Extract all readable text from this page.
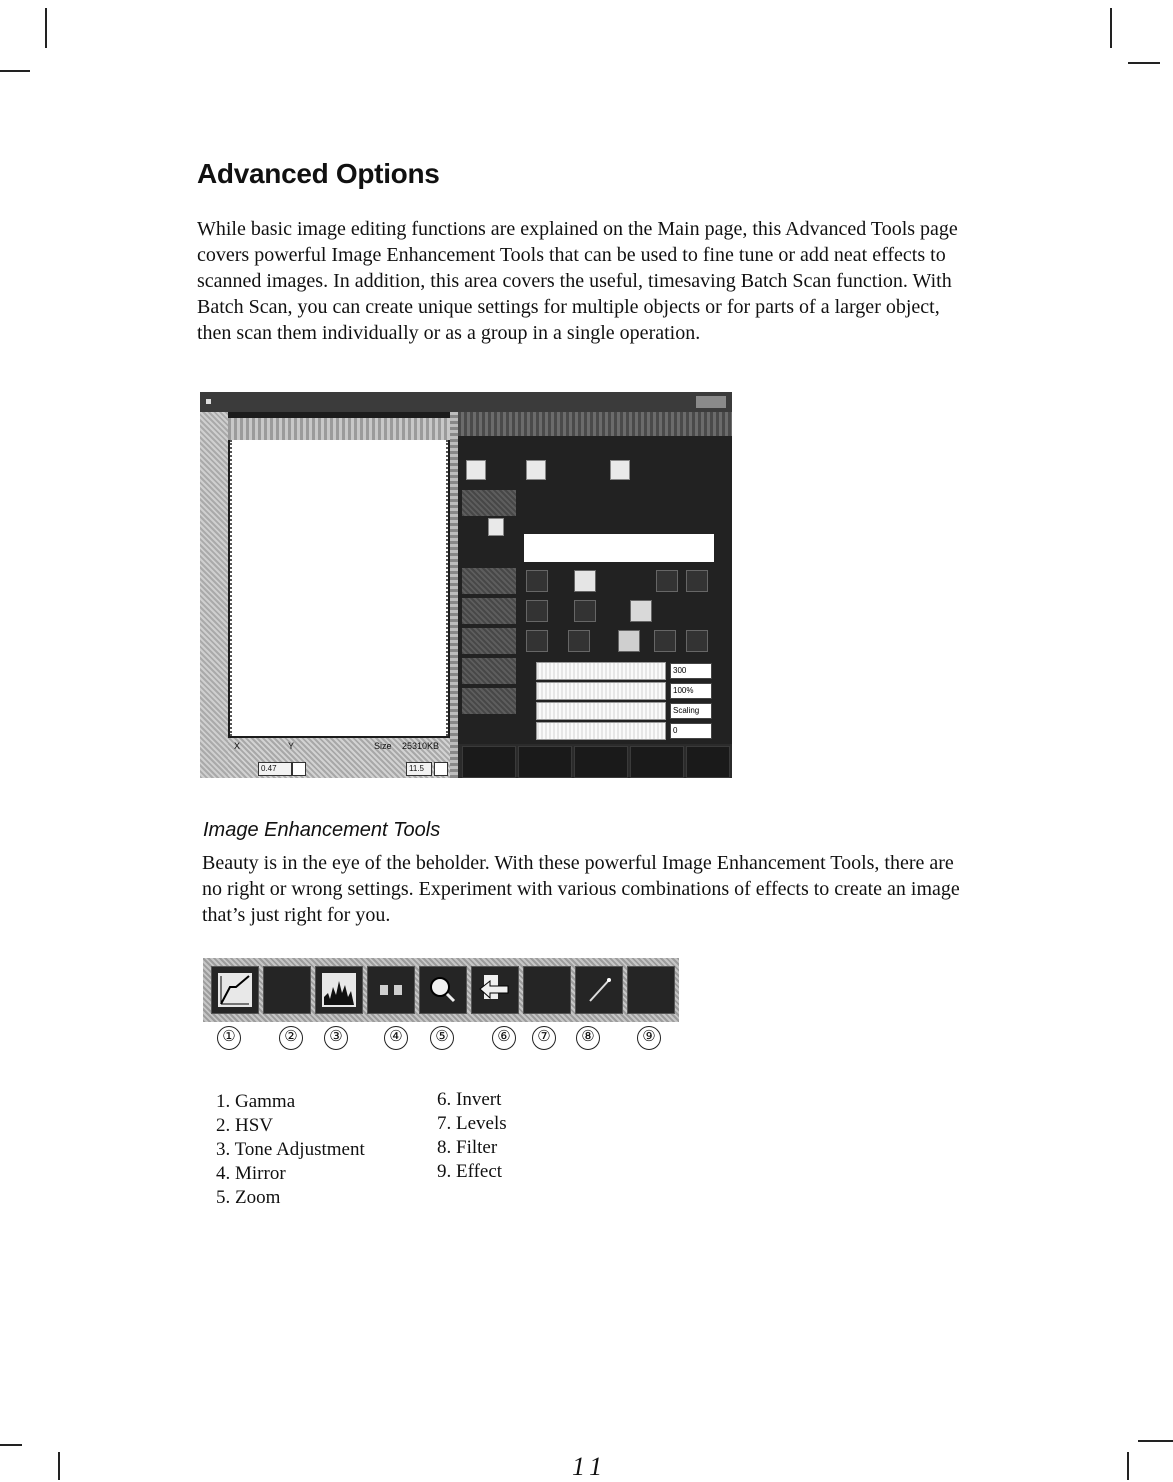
Advanced Options

While basic image editing functions are explained on the Main page, this Advanced Tools page covers powerful Image Enhancement Tools that can be used to fine tune or add neat effects to scanned images. In addition, this area covers the useful, timesaving Batch Scan function. With Batch Scan, you can create unique settings for multiple objects or for parts of a larger object, then scan them individually or as a group in a single operation.

X	Y	Size 25310KB
0.47	11.5
300
100%
Scaling
0
Image Enhancement Tools

Beauty is in the eye of the beholder. With these powerful Image Enhancement Tools, there are no right or wrong settings. Experiment with various combinations of effects to create an image that’s just right for you.

①	②	③	④	⑤	⑥	⑦	⑧	⑨
1. Gamma
2. HSV
3. Tone Adjustment
4. Mirror
5. Zoom
6. Invert
7. Levels
8. Filter
9. Effect
11
